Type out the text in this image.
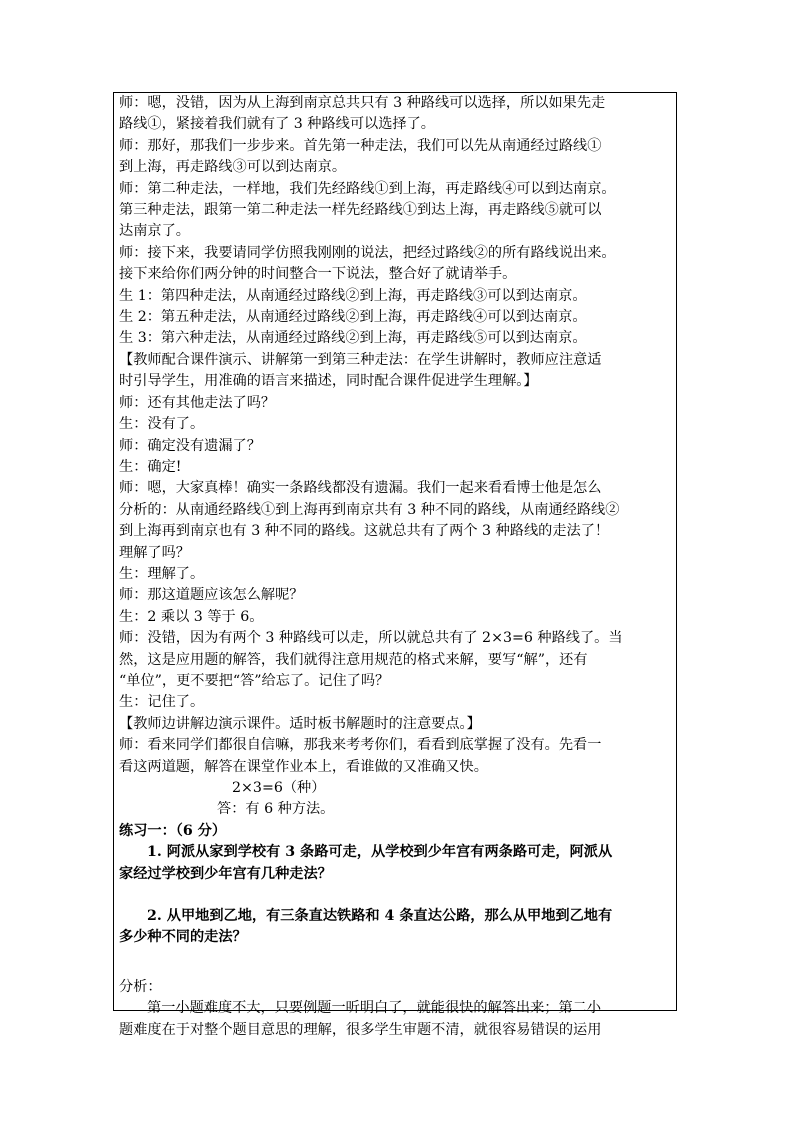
师：嗯，没错，因为从上海到南京总共只有 3 种路线可以选择，所以如果先走

路线①，紧接着我们就有了 3 种路线可以选择了。

师：那好，那我们一步步来。首先第一种走法，我们可以先从南通经过路线①

到上海，再走路线③可以到达南京。

师：第二种走法，一样地，我们先经路线①到上海，再走路线④可以到达南京。

第三种走法，跟第一第二种走法一样先经路线①到达上海，再走路线⑤就可以

达南京了。

师：接下来，我要请同学仿照我刚刚的说法，把经过路线②的所有路线说出来。

接下来给你们两分钟的时间整合一下说法，整合好了就请举手。

生 1：第四种走法，从南通经过路线②到上海，再走路线③可以到达南京。

生 2：第五种走法，从南通经过路线②到上海，再走路线④可以到达南京。

生 3：第六种走法，从南通经过路线②到上海，再走路线⑤可以到达南京。

【教师配合课件演示、讲解第一到第三种走法：在学生讲解时，教师应注意适

时引导学生，用准确的语言来描述，同时配合课件促进学生理解。】

师：还有其他走法了吗？

生：没有了。

师：确定没有遗漏了？

生：确定!

师：嗯，大家真棒！确实一条路线都没有遗漏。我们一起来看看博士他是怎么

分析的：从南通经路线①到上海再到南京共有 3 种不同的路线，从南通经路线②

到上海再到南京也有 3 种不同的路线。这就总共有了两个 3 种路线的走法了！

理解了吗？

生：理解了。

师：那这道题应该怎么解呢？

生：2 乘以 3 等于 6。

师：没错，因为有两个 3 种路线可以走，所以就总共有了 2×3=6 种路线了。当

然，这是应用题的解答，我们就得注意用规范的格式来解，要写“解”，还有

“单位”，更不要把“答”给忘了。记住了吗？

生：记住了。

【教师边讲解边演示课件。适时板书解题时的注意要点。】

师：看来同学们都很自信嘛，那我来考考你们，看看到底掌握了没有。先看一

看这两道题，解答在课堂作业本上，看谁做的又准确又快。

2×3=6（种）

答：有 6 种方法。

练习一：（6 分）

1. 阿派从家到学校有 3 条路可走，从学校到少年宫有两条路可走，阿派从

家经过学校到少年宫有几种走法？

2. 从甲地到乙地，有三条直达铁路和 4 条直达公路，那么从甲地到乙地有

多少种不同的走法？

分析：

第一小题难度不大，只要例题一听明白了，就能很快的解答出来；第二小

题难度在于对整个题目意思的理解，很多学生审题不清，就很容易错误的运用
